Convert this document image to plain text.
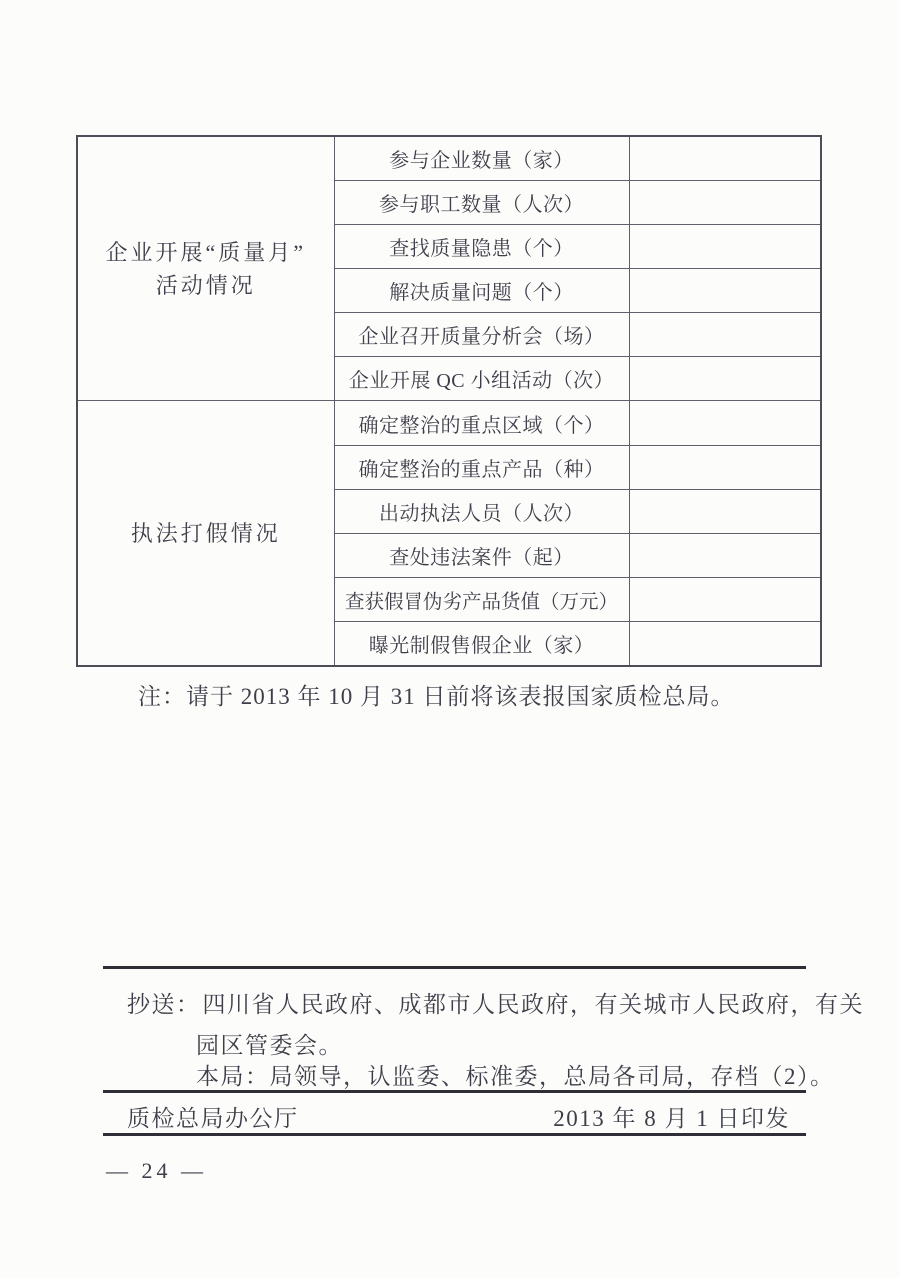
企业开展“质量月”
活动情况	参与企业数量（家）	
	参与职工数量（人次）	
	查找质量隐患（个）	
	解决质量问题（个）	
	企业召开质量分析会（场）	
	企业开展 QC 小组活动（次）	

执法打假情况	确定整治的重点区域（个）	
	确定整治的重点产品（种）	
	出动执法人员（人次）	
	查处违法案件（起）	
	查获假冒伪劣产品货值（万元）	
	曝光制假售假企业（家）	
注：请于 2013 年 10 月 31 日前将该表报国家质检总局。
抄送：四川省人民政府、成都市人民政府，有关城市人民政府，有关
园区管委会。
本局：局领导，认监委、标准委，总局各司局，存档（2）。
质检总局办公厅	2013 年 8 月 1 日印发
— 24 —
